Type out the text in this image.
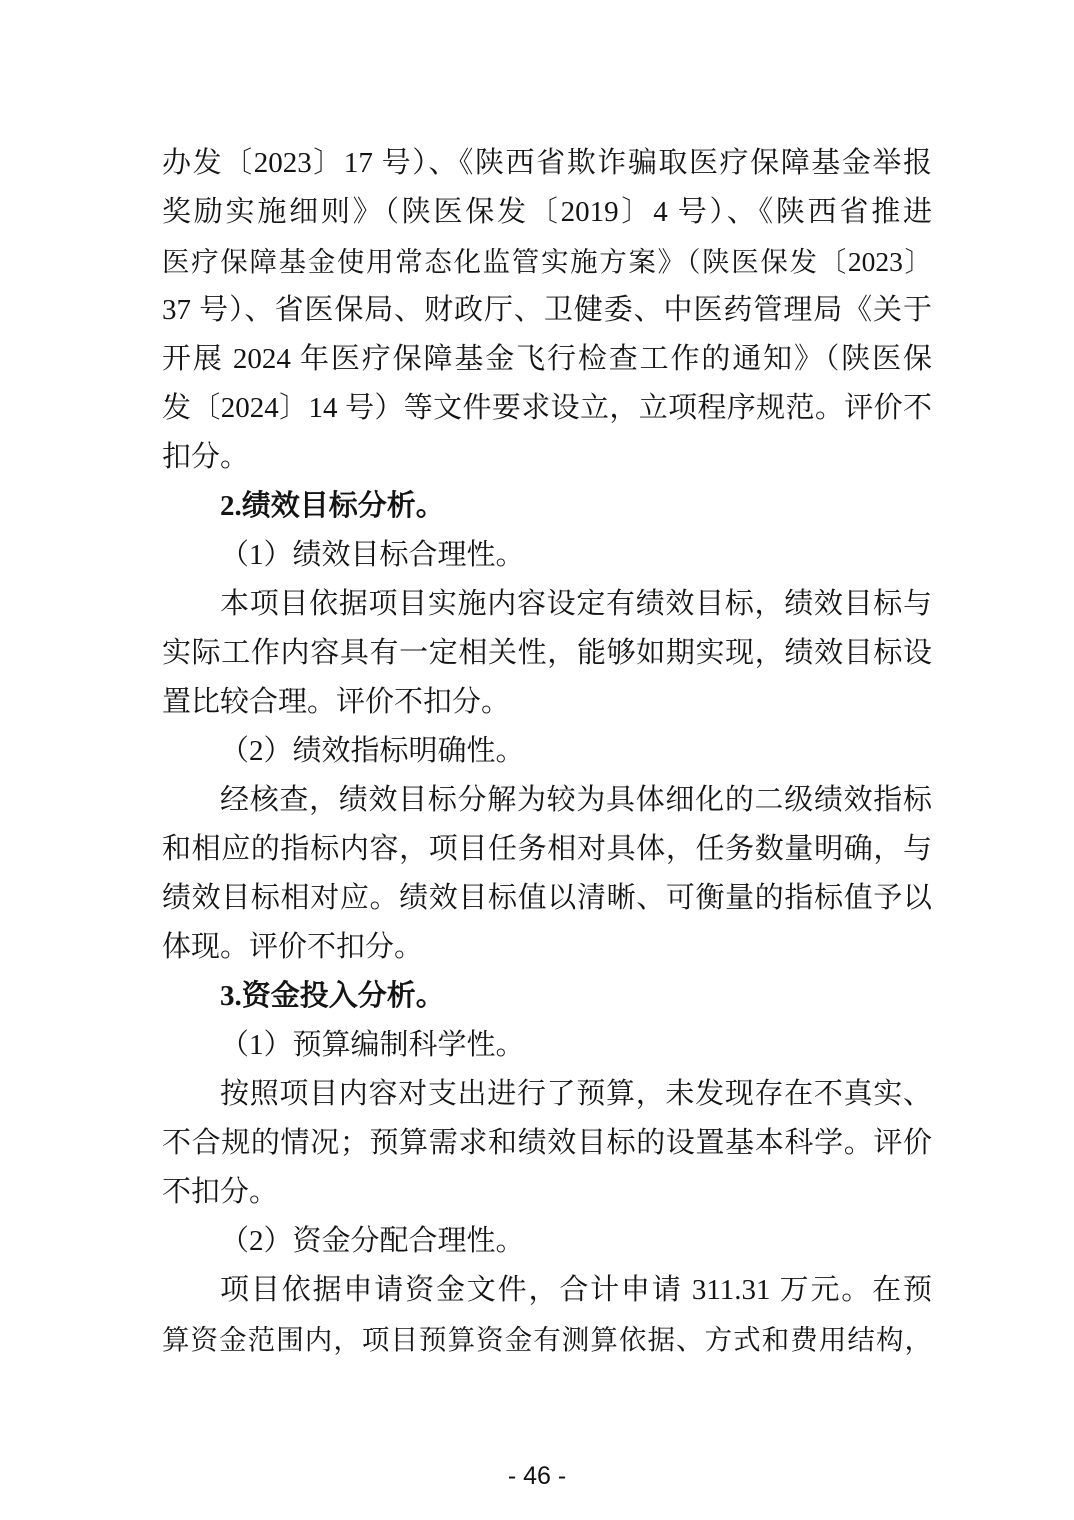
办发〔2023〕17 号）、《陕西省欺诈骗取医疗保障基金举报
奖励实施细则》（陕医保发〔2019〕4 号）、《陕西省推进
医疗保障基金使用常态化监管实施方案》（陕医保发〔2023〕
37 号）、省医保局、财政厅、卫健委、中医药管理局《关于
开展 2024 年医疗保障基金飞行检查工作的通知》（陕医保
发〔2024〕14 号）等文件要求设立，立项程序规范。评价不
扣分。
2.绩效目标分析。
（1）绩效目标合理性。
本项目依据项目实施内容设定有绩效目标，绩效目标与
实际工作内容具有一定相关性，能够如期实现，绩效目标设
置比较合理。评价不扣分。
（2）绩效指标明确性。
经核查，绩效目标分解为较为具体细化的二级绩效指标
和相应的指标内容，项目任务相对具体，任务数量明确，与
绩效目标相对应。绩效目标值以清晰、可衡量的指标值予以
体现。评价不扣分。
3.资金投入分析。
（1）预算编制科学性。
按照项目内容对支出进行了预算，未发现存在不真实、
不合规的情况；预算需求和绩效目标的设置基本科学。评价
不扣分。
（2）资金分配合理性。
项目依据申请资金文件，合计申请 311.31 万元。在预
算资金范围内，项目预算资金有测算依据、方式和费用结构，
- 46 -
